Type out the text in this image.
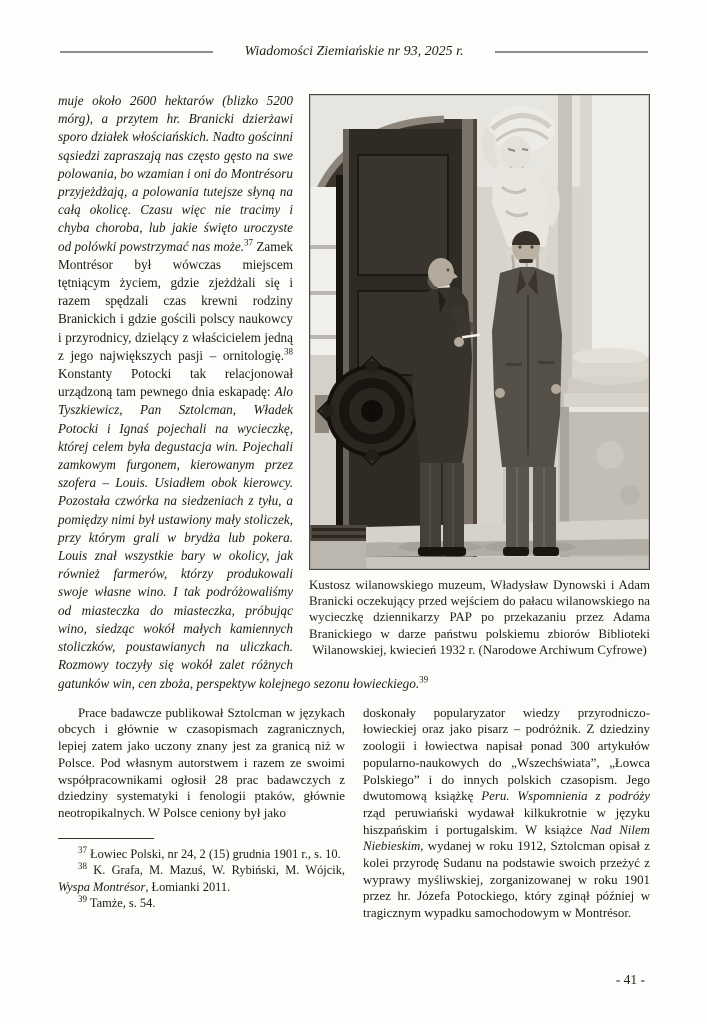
Wiadomości Ziemiańskie nr 93, 2025 r.
Kustosz wilanowskiego muzeum, Władysław Dynowski i Adam Branicki oczekujący przed wejściem do pałacu wilanowskiego na wycieczkę dziennikarzy PAP po przekazaniu przez Adama Branickiego w darze państwu polskiemu zbiorów Biblioteki Wilanowskiej, kwiecień 1932 r. (Narodowe Archiwum Cyfrowe)

muje około 2600 hektarów (blizko 5200 mórg), a przytem hr. Branicki dzierżawi sporo działek włościańskich. Nadto gościnni sąsiedzi zapraszają nas często gęsto na swe polowania, bo wzamian i oni do Montrésoru przyjeżdżają, a polowania tutejsze słyną na całą okolicę. Czasu więc nie tracimy i chyba choroba, lub jakie święto uroczyste od polówki powstrzymać nas może.$^{37}$ Zamek Montrésor był wówczas miejscem tętniącym życiem, gdzie zjeżdżali się i razem spędzali czas krewni rodziny Branickich i gdzie gościli polscy naukowcy i przyrodnicy, dzielący z właścicielem jedną z jego największych pasji – ornitologię.$^{38}$ Konstanty Potocki tak relacjonował urządzoną tam pewnego dnia eskapadę: Alo Tyszkiewicz, Pan Sztolcman, Władek Potocki i Ignaś pojechali na wycieczkę, której celem była degustacja win. Pojechali zamkowym furgonem, kierowanym przez szofera – Louis. Usiadłem obok kierowcy. Pozostała czwórka na siedzeniach z tyłu, a pomiędzy nimi był ustawiony mały stoliczek, przy którym grali w brydża lub pokera. Louis znał wszystkie bary w okolicy, jak również farmerów, którzy produkowali swoje własne wino. I tak podróżowaliśmy od miasteczka do miasteczka, próbując wino, siedząc wokół małych kamiennych stoliczków, poustawianych na uliczkach. Rozmowy toczyły się wokół zalet różnych gatunków win, cen zboża, perspektyw kolejnego sezonu łowieckiego.$^{39}$

Prace badawcze publikował Sztolcman w językach obcych i głównie w czasopismach zagranicznych, lepiej zatem jako uczony znany jest za granicą niż w Polsce. Pod własnym autorstwem i razem ze swoimi współpracownikami ogłosił 28 prac badawczych z dziedziny systematyki i fenologii ptaków, głównie neotropikalnych. W Polsce ceniony był jako

$^{37}$ Łowiec Polski, nr 24, 2 (15) grudnia 1901 r., s. 10.

$^{38}$ K. Grafa, M. Mazuś, W. Rybiński, M. Wójcik, Wyspa Montrésor, Łomianki 2011.

$^{39}$ Tamże, s. 54.

doskonały popularyzator wiedzy przyrodniczo-łowieckiej oraz jako pisarz – podróżnik. Z dziedziny zoologii i łowiectwa napisał ponad 300 artykułów popularno-naukowych do „Wszechświata”, „Łowca Polskiego” i do innych polskich czasopism. Jego dwutomową książkę Peru. Wspomnienia z podróży rząd peruwiański wydawał kilkukrotnie w języku hiszpańskim i portugalskim. W książce Nad Nilem Niebieskim, wydanej w roku 1912, Sztolcman opisał z kolei przyrodę Sudanu na podstawie swoich przeżyć z wyprawy myśliwskiej, zorganizowanej w roku 1901 przez hr. Józefa Potockiego, który zginął później w tragicznym wypadku samochodowym w Montrésor.

- 41 -
